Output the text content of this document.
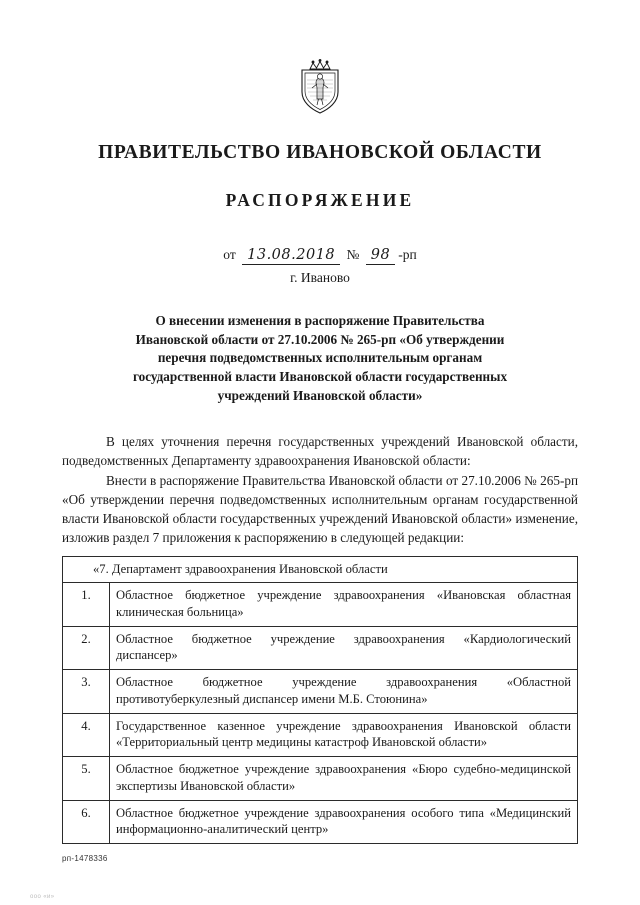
ПРАВИТЕЛЬСТВО ИВАНОВСКОЙ ОБЛАСТИ
РАСПОРЯЖЕНИЕ
от 13.08.2018 № 98 -рп
г. Иваново
О внесении изменения в распоряжение Правительства
Ивановской области от 27.10.2006 № 265-рп «Об утверждении
перечня подведомственных исполнительным органам
государственной власти Ивановской области государственных
учреждений Ивановской области»

В целях уточнения перечня государственных учреждений Ивановской области, подведомственных Департаменту здравоохранения Ивановской области:

Внести в распоряжение Правительства Ивановской области от 27.10.2006 № 265-рп «Об утверждении перечня подведомственных исполнительным органам государственной власти Ивановской области государственных учреждений Ивановской области» изменение, изложив раздел 7 приложения к распоряжению в следующей редакции:

«7. Департамент здравоохранения Ивановской области	
1.	Областное бюджетное учреждение здравоохранения «Ивановская областная клиническая больница»
2.	Областное бюджетное учреждение здравоохранения «Кардиологический диспансер»
3.	Областное бюджетное учреждение здравоохранения «Областной противотуберкулезный диспансер имени М.Б. Стоюнина»
4.	Государственное казенное учреждение здравоохранения Ивановской области «Территориальный центр медицины катастроф Ивановской области»
5.	Областное бюджетное учреждение здравоохранения «Бюро судебно-медицинской экспертизы Ивановской области»
6.	Областное бюджетное учреждение здравоохранения особого типа «Медицинский информационно-аналитический центр»
рп-1478336
ооо «и»
